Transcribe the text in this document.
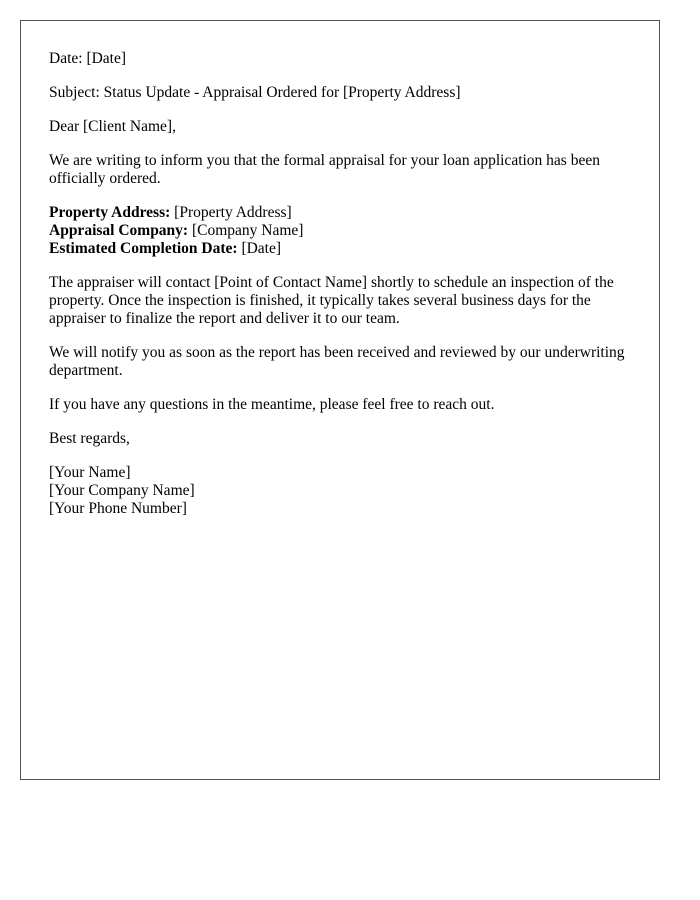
Date: [Date]

Subject: Status Update - Appraisal Ordered for [Property Address]

Dear [Client Name],

We are writing to inform you that the formal appraisal for your loan application has been officially ordered.

Property Address: [Property Address]
Appraisal Company: [Company Name]
Estimated Completion Date: [Date]

The appraiser will contact [Point of Contact Name] shortly to schedule an inspection of the property. Once the inspection is finished, it typically takes several business days for the appraiser to finalize the report and deliver it to our team.

We will notify you as soon as the report has been received and reviewed by our underwriting department.

If you have any questions in the meantime, please feel free to reach out.

Best regards,

[Your Name]
[Your Company Name]
[Your Phone Number]
